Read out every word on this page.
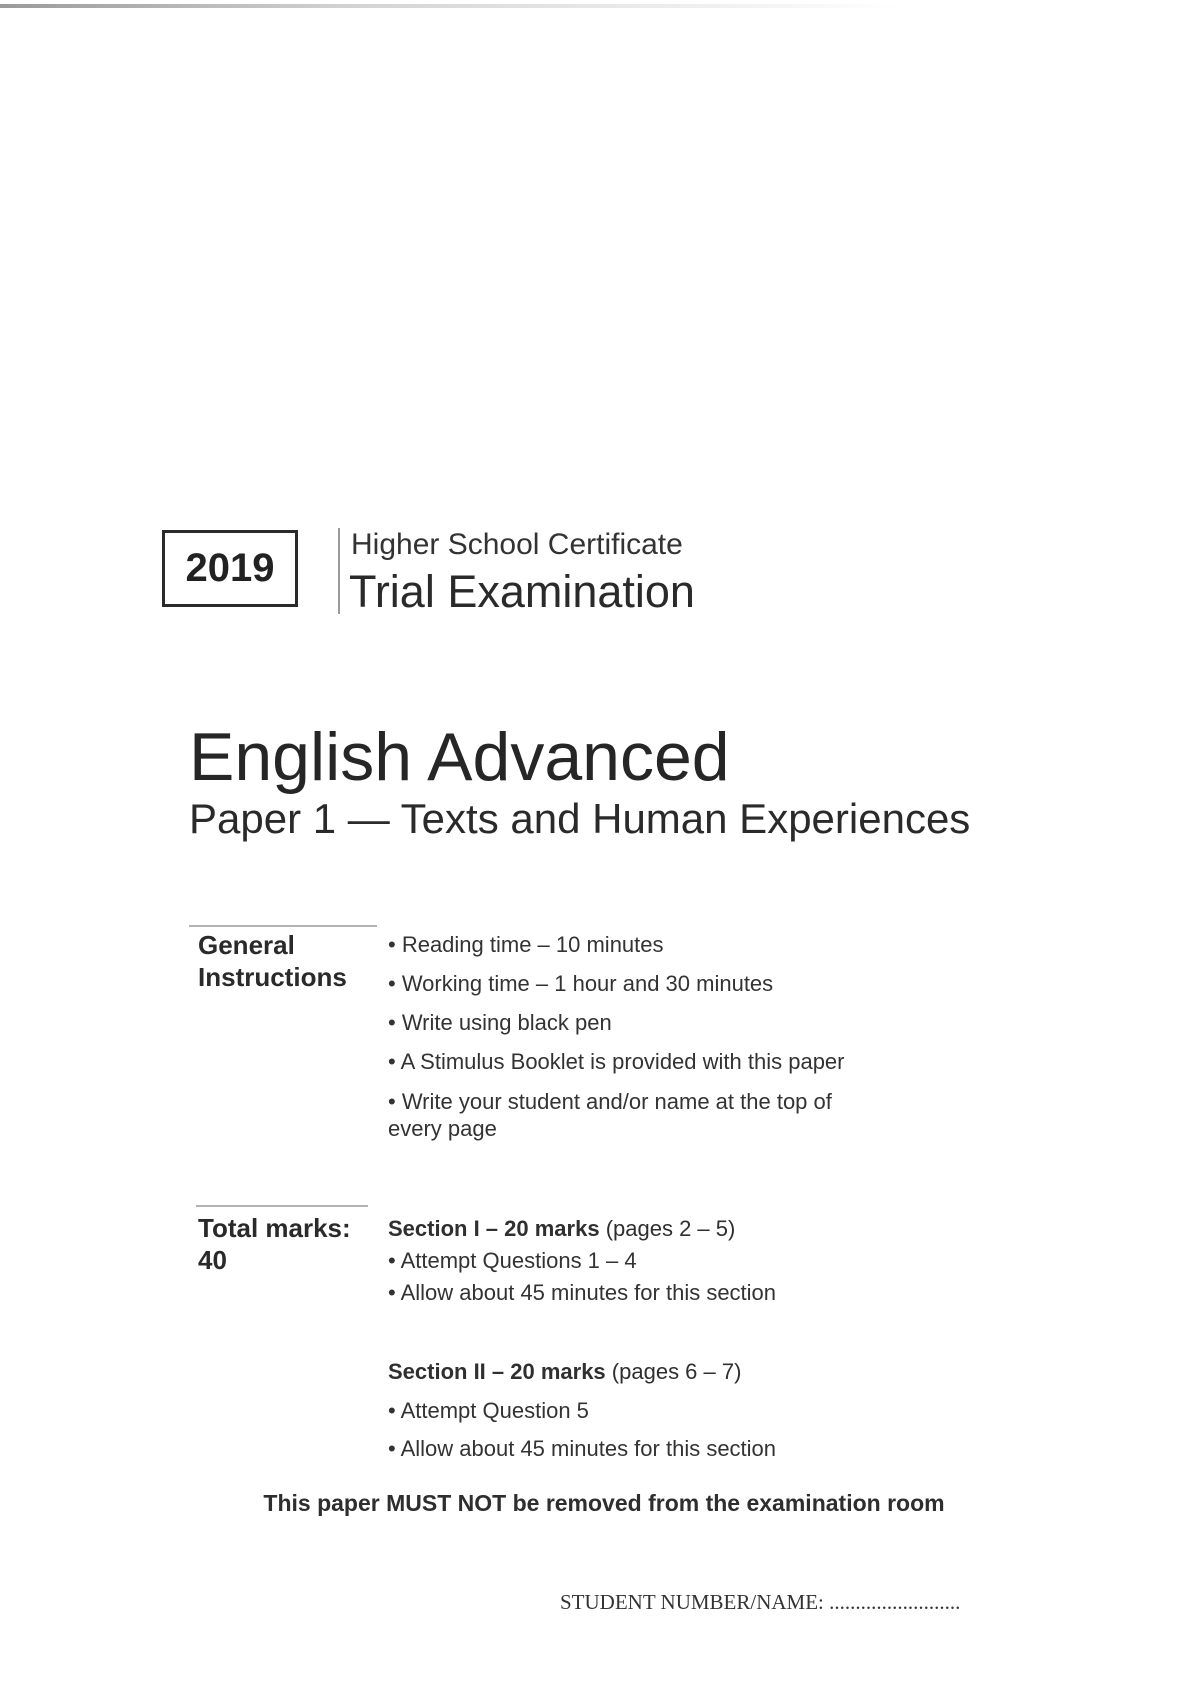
2019
Higher School Certificate
Trial Examination
English Advanced
Paper 1 — Texts and Human Experiences
General
Instructions
• Reading time – 10 minutes
• Working time – 1 hour and 30 minutes
• Write using black pen
• A Stimulus Booklet is provided with this paper
• Write your student and/or name at the top of every page
Total marks:
40
Section I – 20 marks (pages 2 – 5)
• Attempt Questions 1 – 4
• Allow about 45 minutes for this section
Section II – 20 marks (pages 6 – 7)
• Attempt Question 5
• Allow about 45 minutes for this section
This paper MUST NOT be removed from the examination room
STUDENT NUMBER/NAME: .........................
